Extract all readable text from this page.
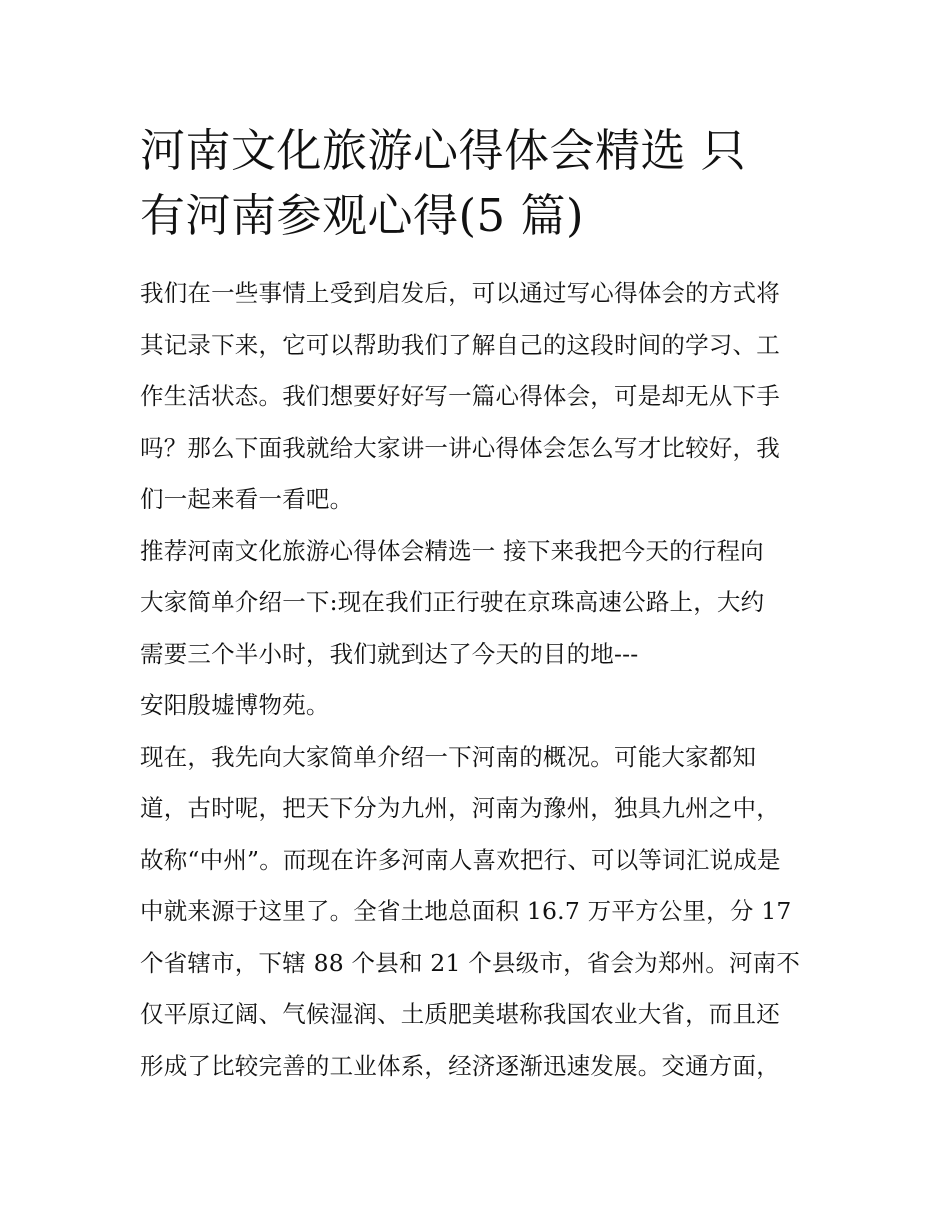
河南文化旅游心得体会精选 只
有河南参观心得(5 篇)

我们在一些事情上受到启发后，可以通过写心得体会的方式将
其记录下来，它可以帮助我们了解自己的这段时间的学习、工
作生活状态。我们想要好好写一篇心得体会，可是却无从下手
吗？那么下面我就给大家讲一讲心得体会怎么写才比较好，我
们一起来看一看吧。

推荐河南文化旅游心得体会精选一 接下来我把今天的行程向
大家简单介绍一下:现在我们正行驶在京珠高速公路上，大约
需要三个半小时，我们就到达了今天的目的地---
安阳殷墟博物苑。

现在，我先向大家简单介绍一下河南的概况。可能大家都知
道，古时呢，把天下分为九州，河南为豫州，独具九州之中，
故称“中州”。而现在许多河南人喜欢把行、可以等词汇说成是
中就来源于这里了。全省土地总面积 16.7 万平方公里，分 17
个省辖市，下辖 88 个县和 21 个县级市，省会为郑州。河南不
仅平原辽阔、气候湿润、土质肥美堪称我国农业大省，而且还
形成了比较完善的工业体系，经济逐渐迅速发展。交通方面，
